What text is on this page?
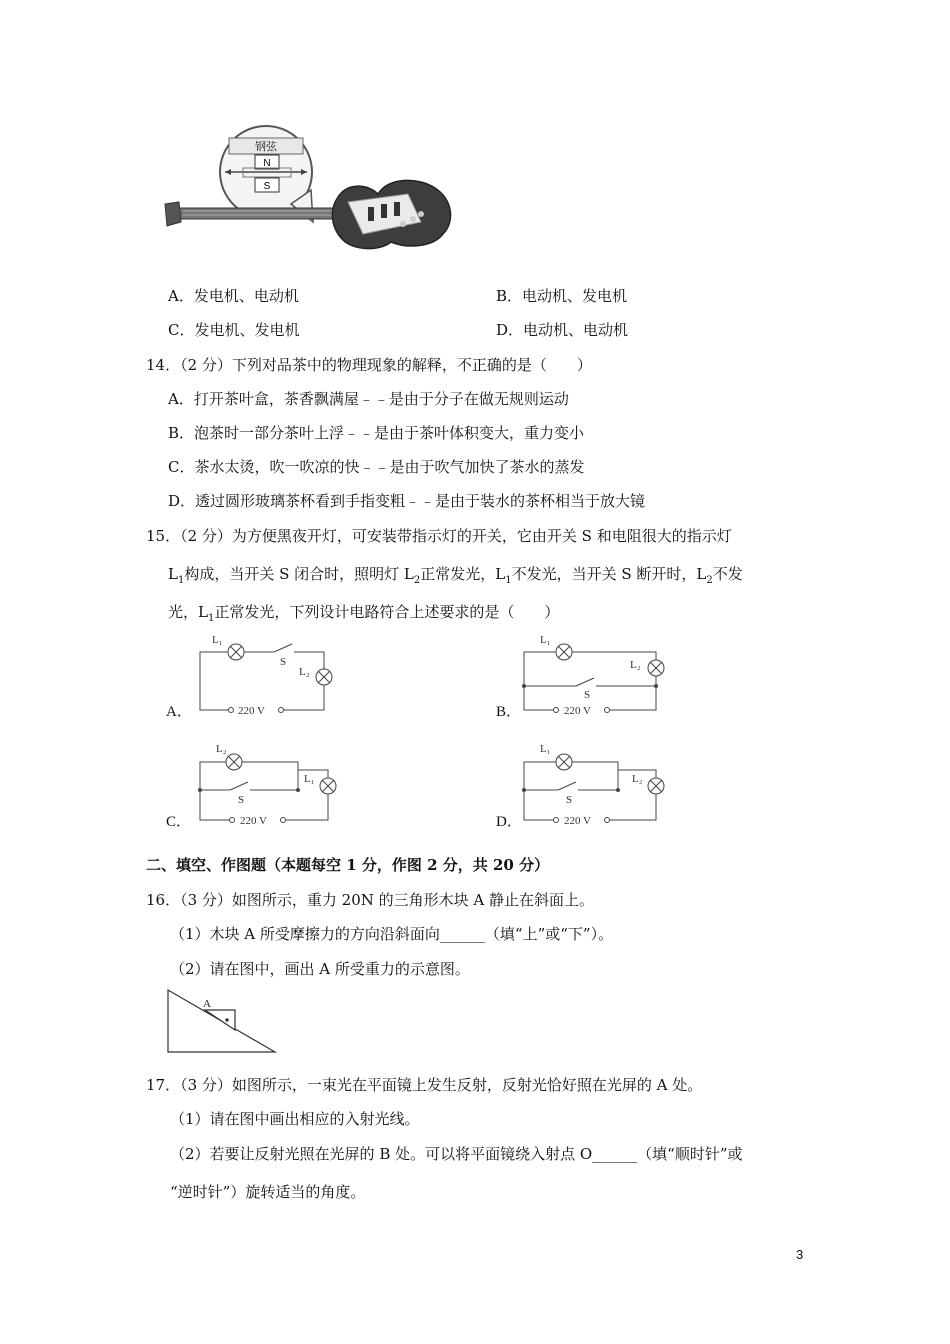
钢弦
N
S
A．发电机、电动机	B．电动机、发电机
C．发电机、发电机	D．电动机、电动机
14．（2 分）下列对品茶中的物理现象的解释，不正确的是（　　）
A．打开茶叶盒，茶香飘满屋﹣﹣是由于分子在做无规则运动
B．泡茶时一部分茶叶上浮﹣﹣是由于茶叶体积变大，重力变小
C．茶水太烫，吹一吹凉的快﹣﹣是由于吹气加快了茶水的蒸发
D．透过圆形玻璃茶杯看到手指变粗﹣﹣是由于装水的茶杯相当于放大镜
15．（2 分）为方便黑夜开灯，可安装带指示灯的开关，它由开关 S 和电阻很大的指示灯
$L_1$构成，当开关 S 闭合时，照明灯 $L_2$正常发光，$L_1$不发光，当开关 S 断开时，$L_2$不发
光，$L_1$正常发光，下列设计电路符合上述要求的是（　　）
A．	B．
C．	D．
L₁
S
L₂
220 V
L₁
L₂
S
220 V
L₂
S
L₁
220 V
L₁
S
L₂
220 V
二、填空、作图题（本题每空 1 分，作图 2 分，共 20 分）
16．（3 分）如图所示，重力 20N 的三角形木块 A 静止在斜面上。
（1）木块 A 所受摩擦力的方向沿斜面向______（填“上”或“下”）。
（2）请在图中，画出 A 所受重力的示意图。
A
17．（3 分）如图所示，一束光在平面镜上发生反射，反射光恰好照在光屏的 A 处。
（1）请在图中画出相应的入射光线。
（2）若要让反射光照在光屏的 B 处。可以将平面镜绕入射点 O______（填“顺时针”或
“逆时针”）旋转适当的角度。
3
